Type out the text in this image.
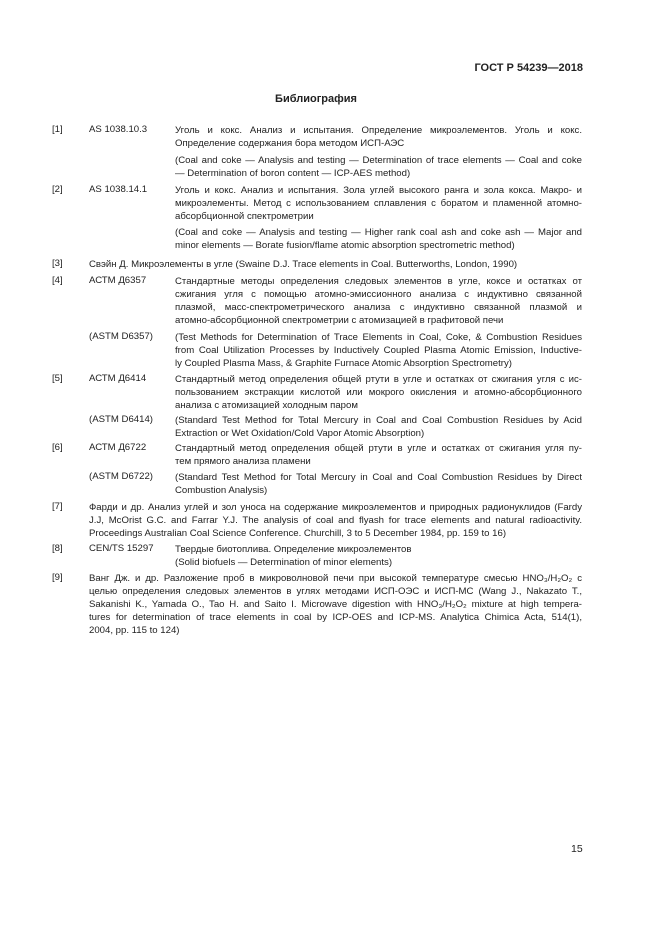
ГОСТ Р 54239—2018
Библиография
[1]	AS 1038.10.3	Уголь и кокс. Анализ и испытания. Определение микроэлементов. Уголь и кокс.
Определение содержания бора методом ИСП-АЭС
(Coal and coke — Analysis and testing — Determination of trace elements — Coal and coke
— Determination of boron content — ICP-AES method)
[2]	AS 1038.14.1	Уголь и кокс. Анализ и испытания. Зола углей высокого ранга и зола кокса. Макро- и
микроэлементы. Метод с использованием сплавления с боратом и пламенной атомно-
абсорбционной спектрометрии
(Coal and coke — Analysis and testing — Higher rank coal ash and coke ash — Major and
minor elements — Borate fusion/flame atomic absorption spectrometric method)
[3]	Свэйн Д. Микроэлементы в угле (Swaine D.J. Trace elements in Coal. Butterworths, London, 1990)
[4]	АСТМ Д6357	Стандартные методы определения следовых элементов в угле, коксе и остатках от
сжигания угля с помощью атомно-эмиссионного анализа с индуктивно связанной
плазмой, масс-спектрометрического анализа с индуктивно связанной плазмой и
атомно-абсорбционной спектрометрии с атомизацией в графитовой печи
(ASTM D6357) (Test Methods for Determination of Trace Elements in Coal, Coke, & Combustion Residues
from Coal Utilization Processes by Inductively Coupled Plasma Atomic Emission, Inductive-
ly Coupled Plasma Mass, & Graphite Furnace Atomic Absorption Spectrometry)
[5]	АСТМ Д6414	Стандартный метод определения общей ртути в угле и остатках от сжигания угля с ис-
пользованием экстракции кислотой или мокрого окисления и атомно-абсорбционного
анализа с атомизацией холодным паром
(ASTM D6414) (Standard Test Method for Total Mercury in Coal and Coal Combustion Residues by Acid
Extraction or Wet Oxidation/Cold Vapor Atomic Absorption)
[6]	АСТМ Д6722	Стандартный метод определения общей ртути в угле и остатках от сжигания угля пу-
тем прямого анализа пламени
(ASTM D6722) (Standard Test Method for Total Mercury in Coal and Coal Combustion Residues by Direct
Combustion Analysis)
[7]	Фарди и др. Анализ углей и зол уноса на содержание микроэлементов и природных радионуклидов (Fardy
J.J, McOrist G.C. and Farrar Y.J. The analysis of coal and flyash for trace elements and natural radioactivity.
Proceedings Australian Coal Science Conference. Churchill, 3 to 5 December 1984, pp. 159 to 16)
[8]	CEN/TS 15297 Твердые биотоплива. Определение микроэлементов
(Solid biofuels — Determination of minor elements)
[9]	Ванг Дж. и др. Разложение проб в микроволновой печи при высокой температуре смесью HNO₃/H₂O₂ с
целью определения следовых элементов в углях методами ИСП-ОЭС и ИСП-МС (Wang J., Nakazato T.,
Sakanishi K., Yamada O., Tao H. and Saito I. Microwave digestion with HNO₃/H₂O₂ mixture at high tempera-
tures for determination of trace elements in coal by ICP-OES and ICP-MS. Analytica Chimica Acta, 514(1),
2004, pp. 115 to 124)
15
